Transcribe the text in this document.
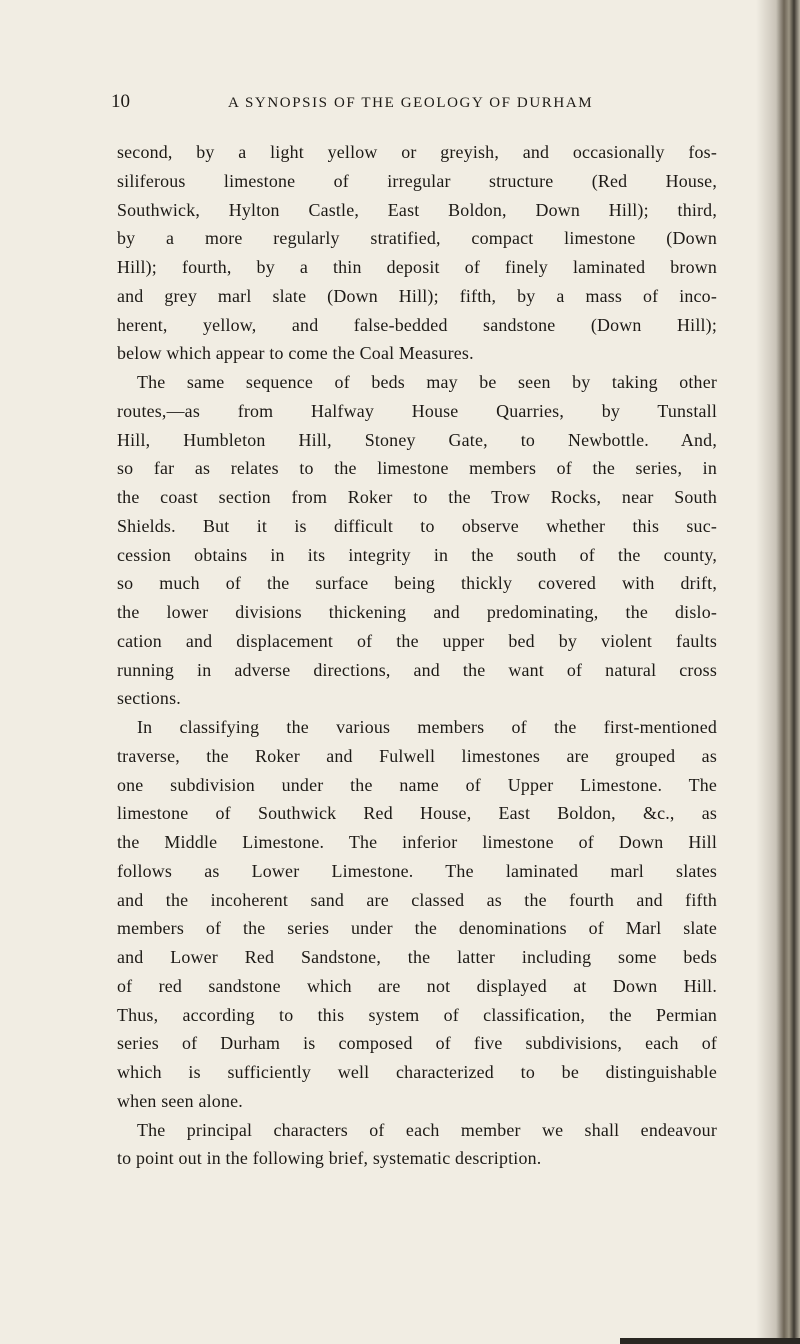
10	A SYNOPSIS OF THE GEOLOGY OF DURHAM
second, by a light yellow or greyish, and occasionally fos-
siliferous limestone of irregular structure (Red House,
Southwick, Hylton Castle, East Boldon, Down Hill); third,
by a more regularly stratified, compact limestone (Down
Hill); fourth, by a thin deposit of finely laminated brown
and grey marl slate (Down Hill); fifth, by a mass of inco-
herent, yellow, and false-bedded sandstone (Down Hill);
below which appear to come the Coal Measures.
The same sequence of beds may be seen by taking other
routes,—as from Halfway House Quarries, by Tunstall
Hill, Humbleton Hill, Stoney Gate, to Newbottle. And,
so far as relates to the limestone members of the series, in
the coast section from Roker to the Trow Rocks, near South
Shields. But it is difficult to observe whether this suc-
cession obtains in its integrity in the south of the county,
so much of the surface being thickly covered with drift,
the lower divisions thickening and predominating, the dislo-
cation and displacement of the upper bed by violent faults
running in adverse directions, and the want of natural cross
sections.
In classifying the various members of the first-mentioned
traverse, the Roker and Fulwell limestones are grouped as
one subdivision under the name of Upper Limestone. The
limestone of Southwick Red House, East Boldon, &c., as
the Middle Limestone. The inferior limestone of Down Hill
follows as Lower Limestone. The laminated marl slates
and the incoherent sand are classed as the fourth and fifth
members of the series under the denominations of Marl slate
and Lower Red Sandstone, the latter including some beds
of red sandstone which are not displayed at Down Hill.
Thus, according to this system of classification, the Permian
series of Durham is composed of five subdivisions, each of
which is sufficiently well characterized to be distinguishable
when seen alone.
The principal characters of each member we shall endeavour
to point out in the following brief, systematic description.
